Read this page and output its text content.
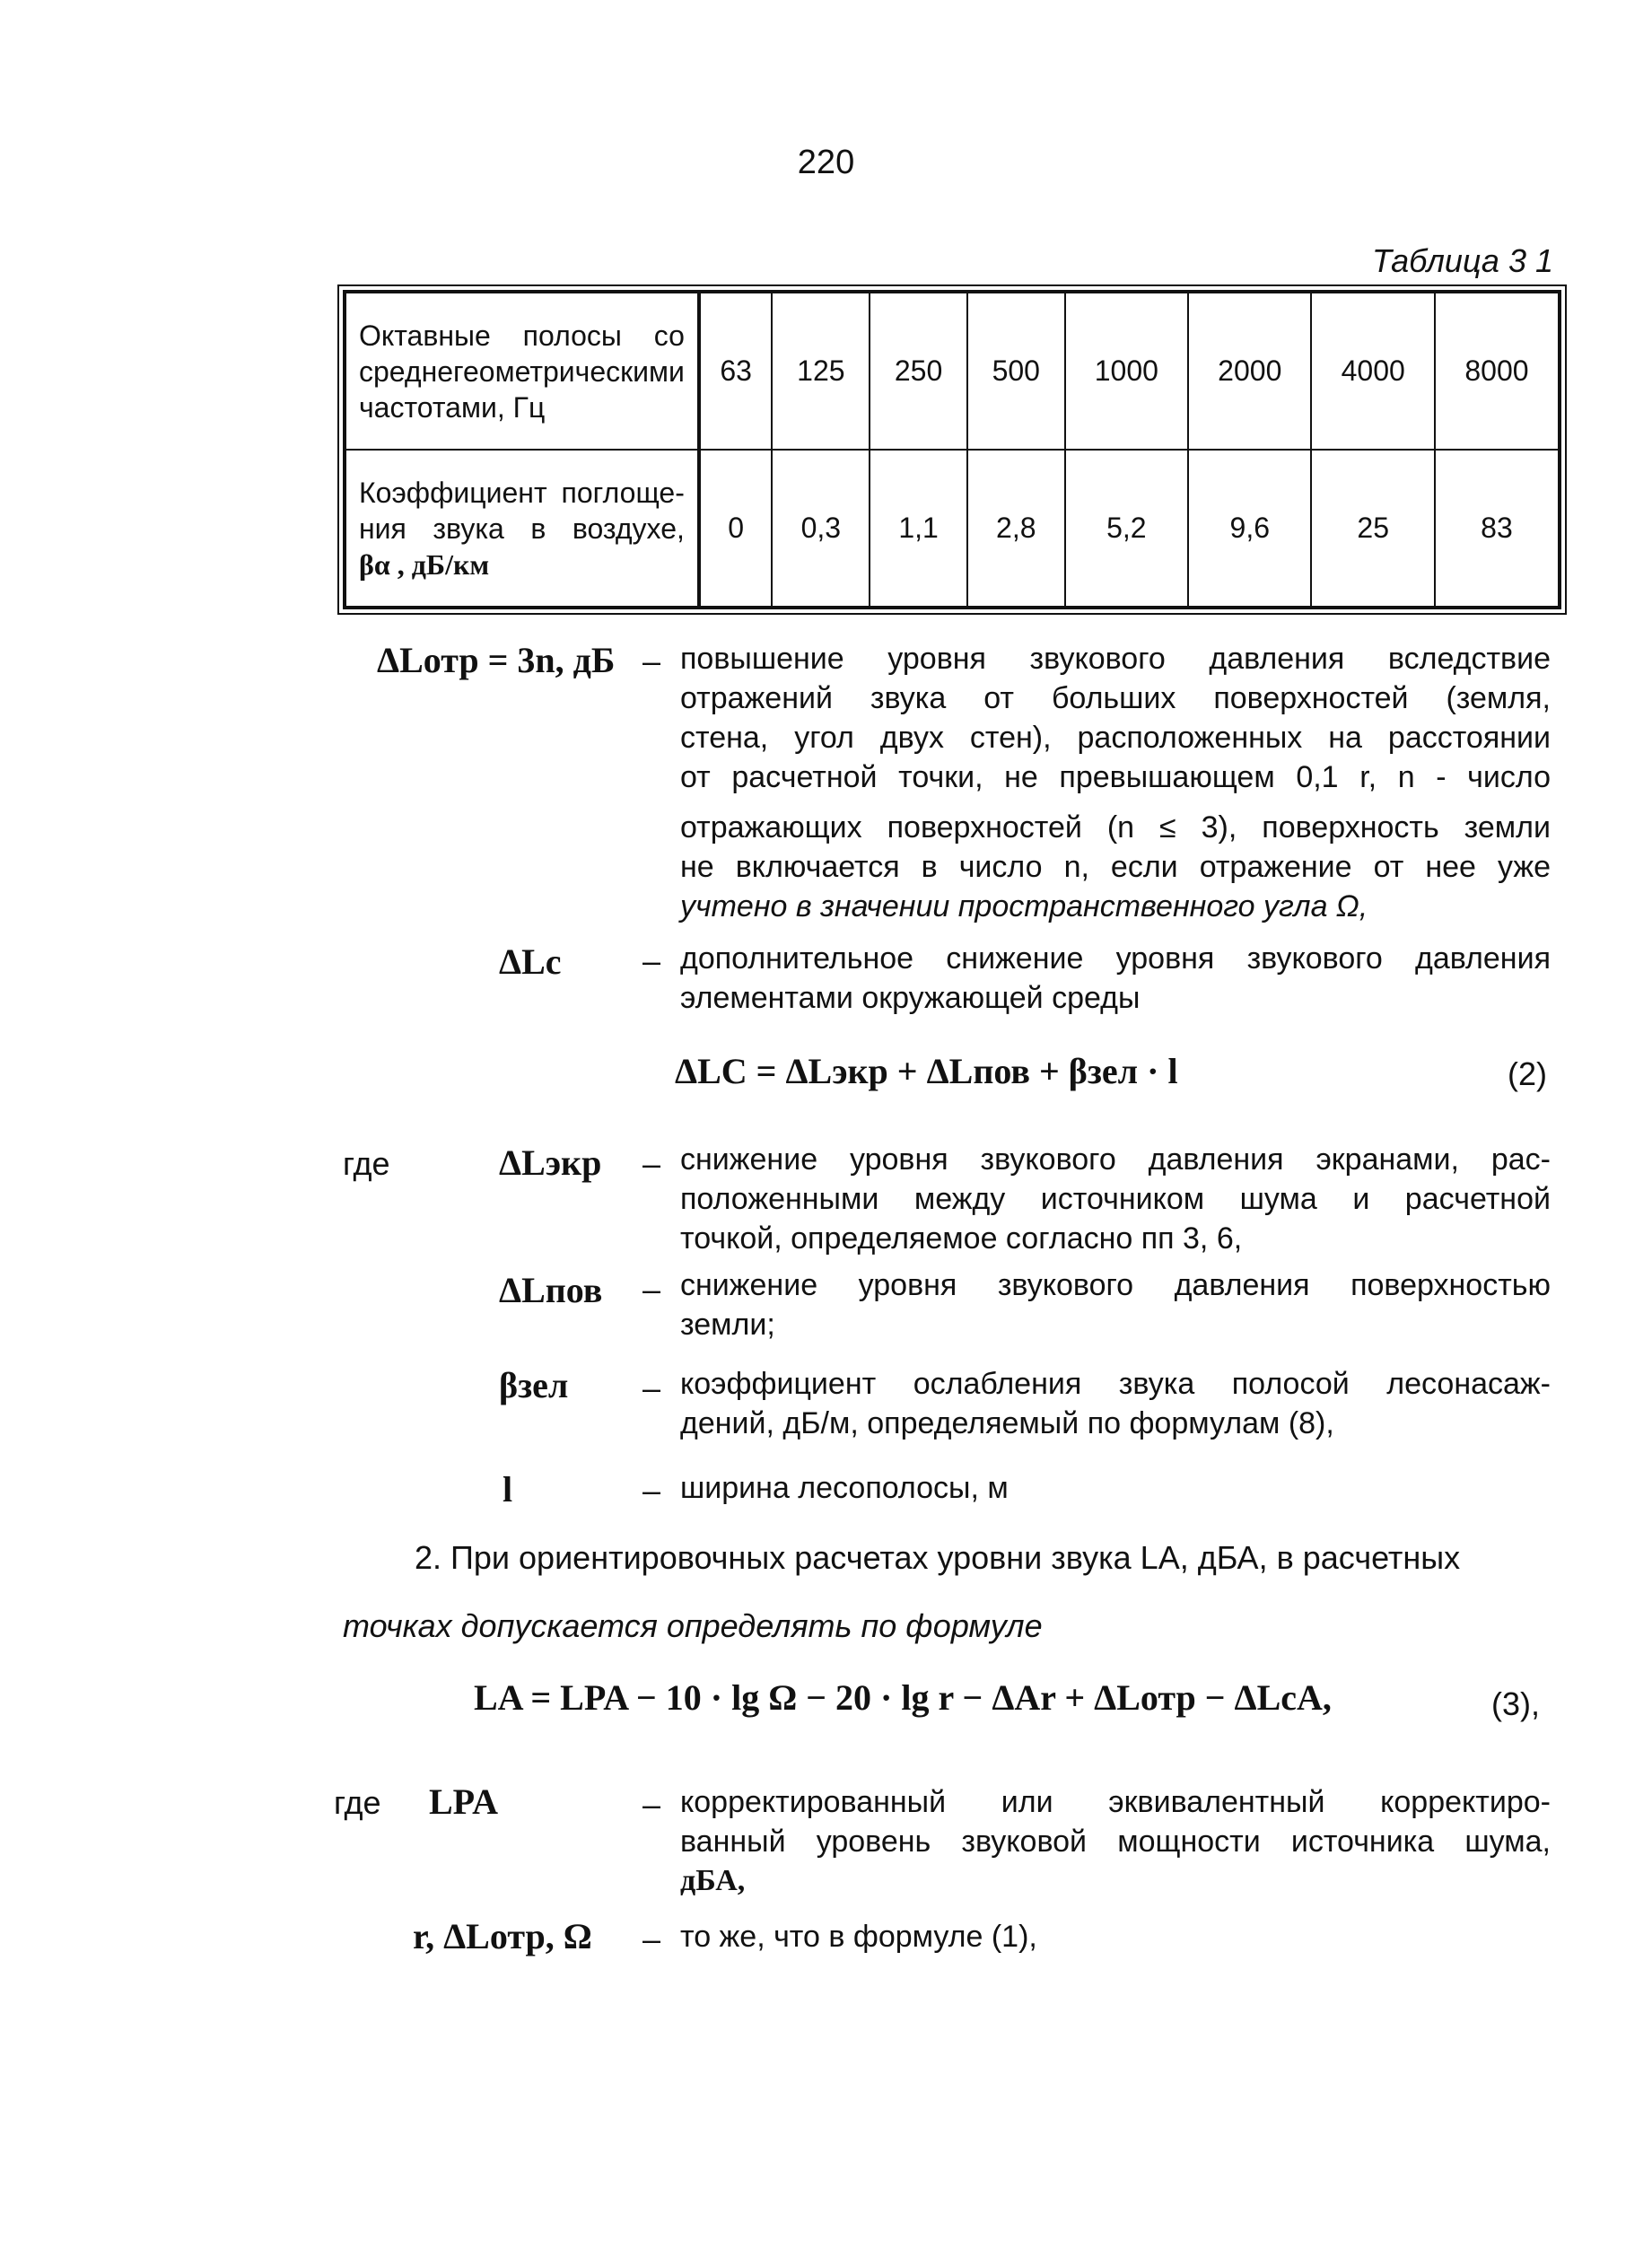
220
Таблица 3 1
Октавные полосы со
среднегеометрическими
частотами, Гц	63	125	250	500	1000	2000	4000	8000

Коэффициент поглоще-
ния звука в воздухе,
βα , дБ/км	0	0,3	1,1	2,8	5,2	9,6	25	83
ΔLотр = 3n, дБ – повышение уровня звукового давления вследствие
отражений звука от больших поверхностей (земля,
стена, угол двух стен), расположенных на расстоянии
от расчетной точки, не превышающем 0,1 r, n - число
отражающих поверхностей (n ≤ 3), поверхность земли
не включается в число n, если отражение от нее уже
учтено в значении пространственного угла Ω,
ΔLc	– дополнительное снижение уровня звукового давления
элементами окружающей среды
ΔLC = ΔLэкр + ΔLпов + βзел · l	(2)
где	ΔLэкр – снижение уровня звукового давления экранами, рас-
положенными между источником шума и расчетной
точкой, определяемое согласно пп 3, 6,
ΔLпов – снижение уровня звукового давления поверхностью
земли;
βзел – коэффициент ослабления звука полосой лесонасаж-
дений, дБ/м, определяемый по формулам (8),
l	– ширина лесополосы, м
2. При ориентировочных расчетах уровни звука LA, дБА, в расчетных
точках допускается определять по формуле
LA = LPA − 10 · lg Ω − 20 · lg r − ΔAr + ΔLотр − ΔLcA,	(3),
где LPA	– корректированный или эквивалентный корректиро-
ванный уровень звуковой мощности источника шума,
дБА,
r, ΔLотр, Ω – то же, что в формуле (1),
